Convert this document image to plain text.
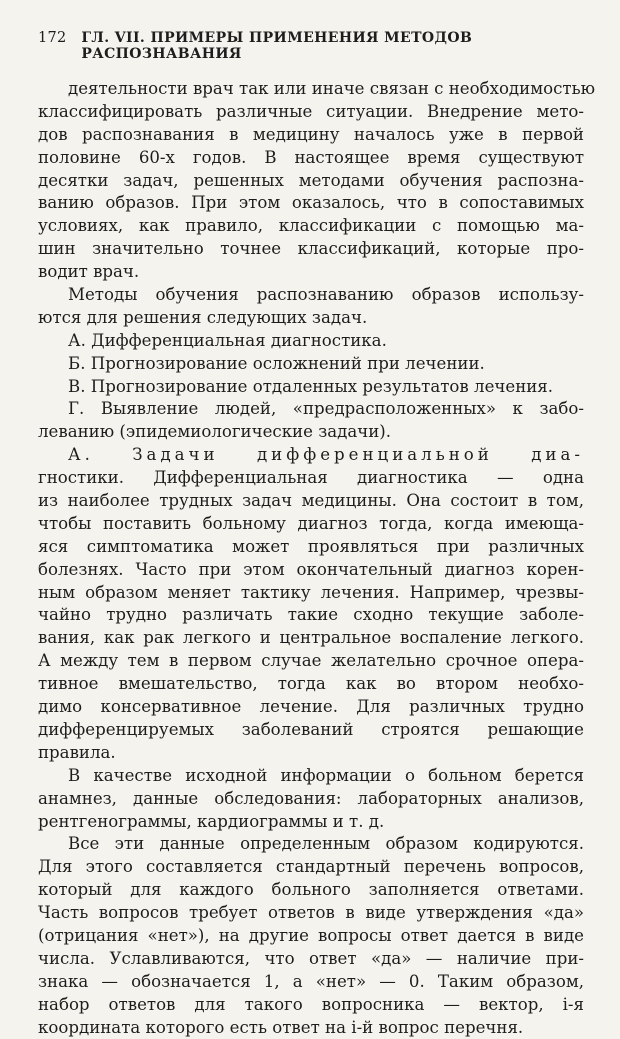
172	ГЛ. VII. ПРИМЕРЫ ПРИМЕНЕНИЯ МЕТОДОВ РАСПОЗНАВАНИЯ
деятельности врач так или иначе связан с необходимостью
классифицировать различные ситуации. Внедрение мето-
дов распознавания в медицину началось уже в первой
половине 60-х годов. В настоящее время существуют
десятки задач, решенных методами обучения распозна-
ванию образов. При этом оказалось, что в сопоставимых
условиях, как правило, классификации с помощью ма-
шин значительно точнее классификаций, которые про-
водит врач.
Методы обучения распознаванию образов использу-
ются для решения следующих задач.
А. Дифференциальная диагностика.
Б. Прогнозирование осложнений при лечении.
В. Прогнозирование отдаленных результатов лечения.
Г. Выявление людей, «предрасположенных» к забо-
леванию (эпидемиологические задачи).
А. Задачи дифференциальной диа-
гностики. Дифференциальная диагностика — одна
из наиболее трудных задач медицины. Она состоит в том,
чтобы поставить больному диагноз тогда, когда имеюща-
яся симптоматика может проявляться при различных
болезнях. Часто при этом окончательный диагноз корен-
ным образом меняет тактику лечения. Например, чрезвы-
чайно трудно различать такие сходно текущие заболе-
вания, как рак легкого и центральное воспаление легкого.
А между тем в первом случае желательно срочное опера-
тивное вмешательство, тогда как во втором необхо-
димо консервативное лечение. Для различных трудно
дифференцируемых заболеваний строятся решающие
правила.
В качестве исходной информации о больном берется
анамнез, данные обследования: лабораторных анализов,
рентгенограммы, кардиограммы и т. д.
Все эти данные определенным образом кодируются.
Для этого составляется стандартный перечень вопросов,
который для каждого больного заполняется ответами.
Часть вопросов требует ответов в виде утверждения «да»
(отрицания «нет»), на другие вопросы ответ дается в виде
числа. Уславливаются, что ответ «да» — наличие при-
знака — обозначается 1, а «нет» — 0. Таким образом,
набор ответов для такого вопросника — вектор, i-я
координата которого есть ответ на i-й вопрос перечня.
